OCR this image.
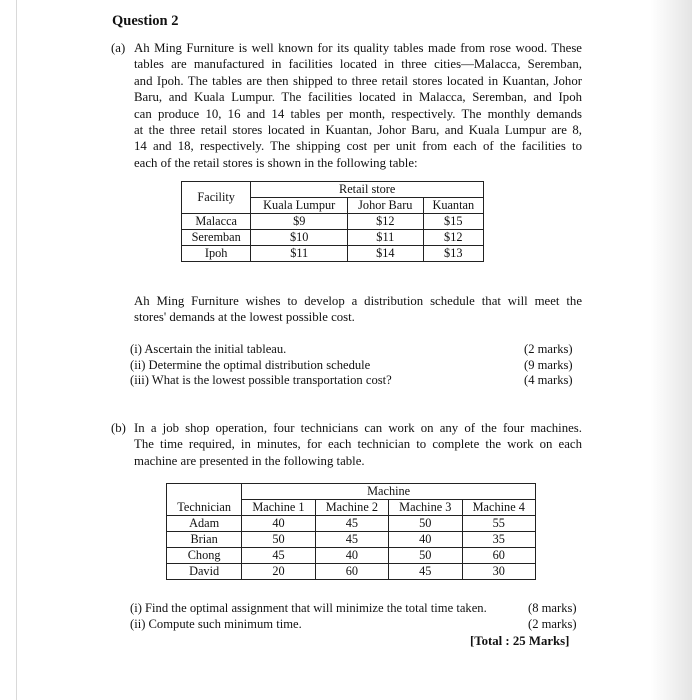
Question 2
(a) Ah Ming Furniture is well known for its quality tables made from rose wood. These
tables are manufactured in facilities located in three cities—Malacca, Seremban,
and Ipoh. The tables are then shipped to three retail stores located in Kuantan, Johor
Baru, and Kuala Lumpur. The facilities located in Malacca, Seremban, and Ipoh
can produce 10, 16 and 14 tables per month, respectively. The monthly demands
at the three retail stores located in Kuantan, Johor Baru, and Kuala Lumpur are 8,
14 and 18, respectively. The shipping cost per unit from each of the facilities to
each of the retail stores is shown in the following table:
Facility	Retail store		
	Kuala Lumpur	Johor Baru	Kuantan
Malacca	$9	$12	$15
Seremban	$10	$11	$12
Ipoh	$11	$14	$13
Ah Ming Furniture wishes to develop a distribution schedule that will meet the
stores' demands at the lowest possible cost.
(i) Ascertain the initial tableau.
(ii) Determine the optimal distribution schedule
(iii) What is the lowest possible transportation cost?
(2 marks)
(9 marks)
(4 marks)
(b) In a job shop operation, four technicians can work on any of the four machines.
The time required, in minutes, for each technician to complete the work on each
machine are presented in the following table.
	Machine			
Technician	Machine 1	Machine 2	Machine 3	Machine 4
Adam	40	45	50	55
Brian	50	45	40	35
Chong	45	40	50	60
David	20	60	45	30
(i) Find the optimal assignment that will minimize the total time taken.
(ii) Compute such minimum time.
(8 marks)
(2 marks)
[Total : 25 Marks]
